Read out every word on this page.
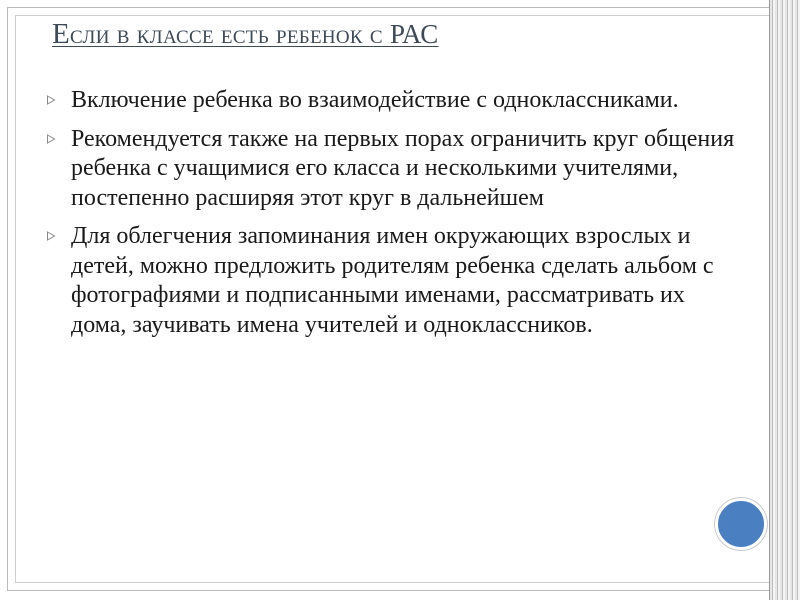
Если в классе есть ребенок с РАС
Включение ребенка во взаимодействие с одноклассниками.
Рекомендуется также на первых порах ограничить круг общения ребенка с учащимися его класса и несколькими учителями, постепенно расширяя этот круг в дальнейшем
Для облегчения запоминания имен окружающих взрослых и детей, можно предложить родителям ребенка сделать альбом с фотографиями и подписанными именами, рассматривать их дома, заучивать имена учителей и одноклассников.
